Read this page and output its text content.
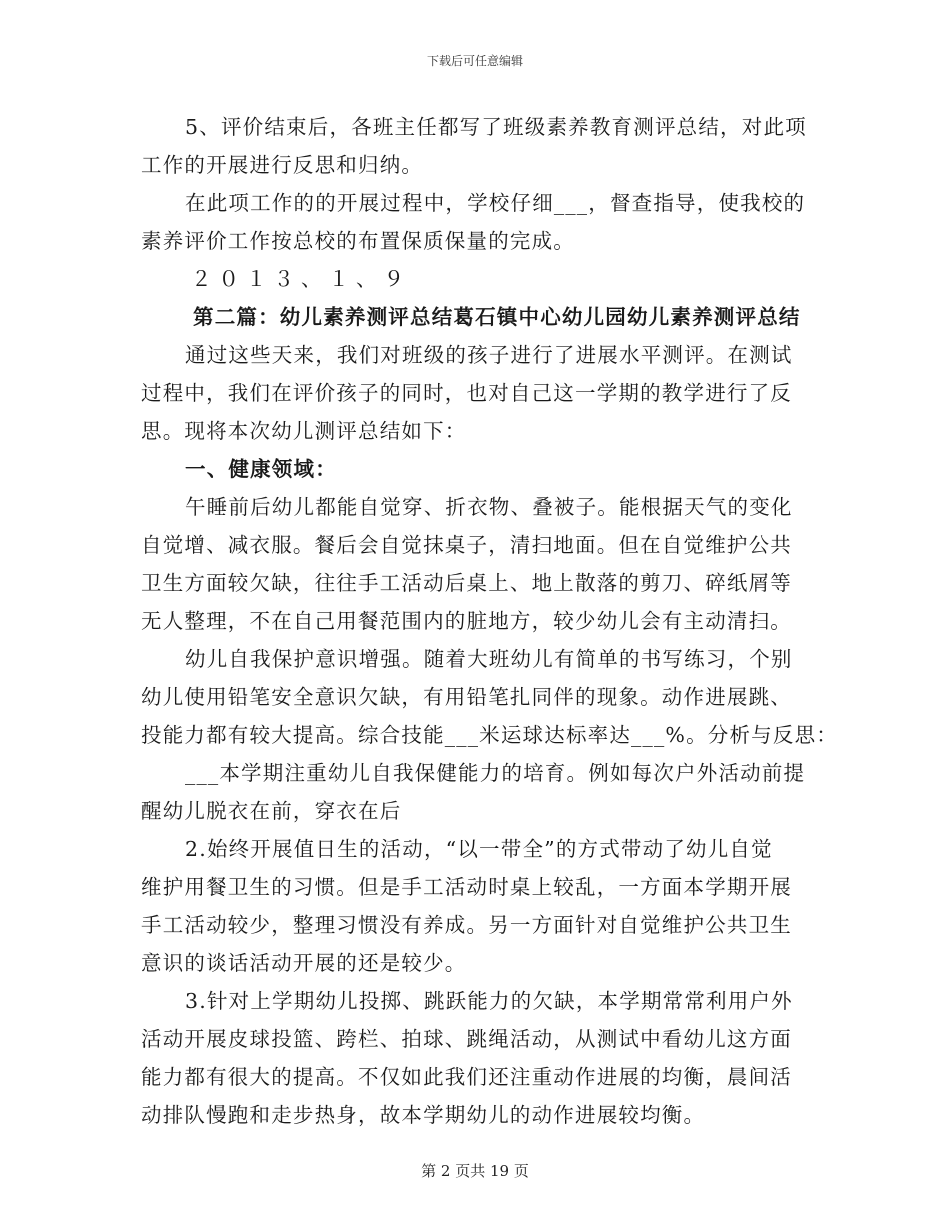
下载后可任意编辑
5、评价结束后，各班主任都写了班级素养教育测评总结，对此项
工作的开展进行反思和归纳。
在此项工作的的开展过程中，学校仔细___，督查指导，使我校的
素养评价工作按总校的布置保质保量的完成。
２０１３、１、９
第二篇：幼儿素养测评总结葛石镇中心幼儿园幼儿素养测评总结
通过这些天来，我们对班级的孩子进行了进展水平测评。在测试
过程中，我们在评价孩子的同时，也对自己这一学期的教学进行了反
思。现将本次幼儿测评总结如下：
一、健康领域：
午睡前后幼儿都能自觉穿、折衣物、叠被子。能根据天气的变化
自觉增、减衣服。餐后会自觉抹桌子，清扫地面。但在自觉维护公共
卫生方面较欠缺，往往手工活动后桌上、地上散落的剪刀、碎纸屑等
无人整理，不在自己用餐范围内的脏地方，较少幼儿会有主动清扫。
幼儿自我保护意识增强。随着大班幼儿有简单的书写练习，个别
幼儿使用铅笔安全意识欠缺，有用铅笔扎同伴的现象。动作进展跳、
投能力都有较大提高。综合技能___米运球达标率达___%。分析与反思：
___本学期注重幼儿自我保健能力的培育。例如每次户外活动前提
醒幼儿脱衣在前，穿衣在后
2.始终开展值日生的活动，“以一带全”的方式带动了幼儿自觉
维护用餐卫生的习惯。但是手工活动时桌上较乱，一方面本学期开展
手工活动较少，整理习惯没有养成。另一方面针对自觉维护公共卫生
意识的谈话活动开展的还是较少。
3.针对上学期幼儿投掷、跳跃能力的欠缺，本学期常常利用户外
活动开展皮球投篮、跨栏、拍球、跳绳活动，从测试中看幼儿这方面
能力都有很大的提高。不仅如此我们还注重动作进展的均衡，晨间活
动排队慢跑和走步热身，故本学期幼儿的动作进展较均衡。
第 2 页共 19 页
